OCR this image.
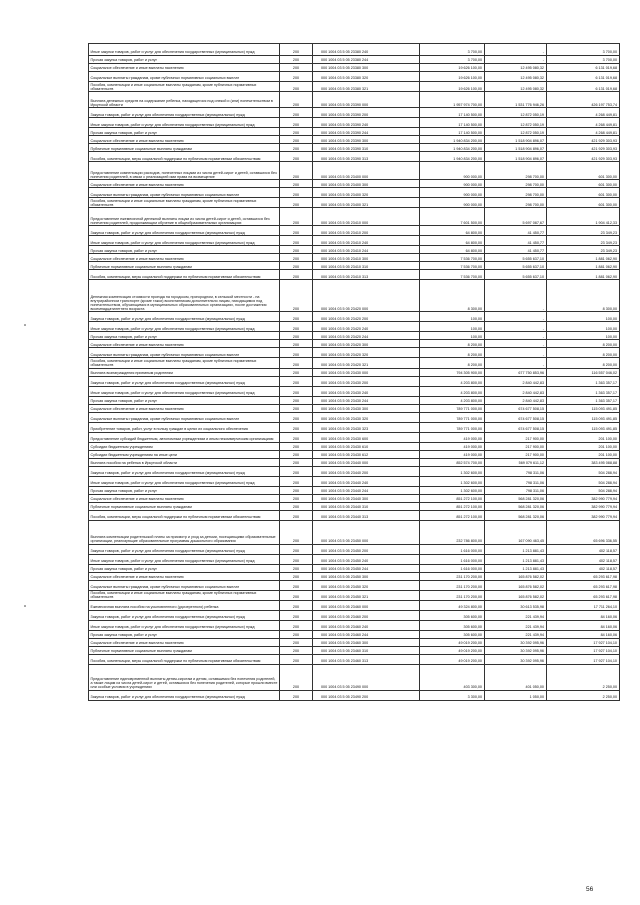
Иные закупки товаров, работ и услуг для обеспечения государственных (муниципальных) нужд	200	000 1004 03 5 05 23380 240	3 700,00	-	3 700,00
Прочая закупка товаров, работ и услуг	200	000 1004 03 5 05 23380 244	3 700,00	-	3 700,00
Социальное обеспечение и иные выплаты населению	200	000 1004 03 5 05 23380 300	19 626 100,00	12 495 080,32	6 131 019,68
Социальные выплаты гражданам, кроме публичных нормативных социальных выплат	200	000 1004 03 5 05 23380 320	19 626 100,00	12 495 080,32	6 131 019,68
Пособия, компенсации и иные социальные выплаты гражданам, кроме публичных нормативных обязательств	200	000 1004 03 5 05 23380 321	19 626 100,00	12 495 080,32	6 131 019,68
Выплата денежных средств на содержание ребенка, находящегося под опекой и (или) попечительством в Иркутской области	200	000 1004 03 5 05 23390 000	1 957 974 700,00	1 531 776 946,26	426 197 753,74
Закупка товаров, работ и услуг для обеспечения государственных (муниципальных) нужд	200	000 1004 03 5 05 23390 200	17 140 500,00	12 872 050,19	4 268 449,81
Иные закупки товаров, работ и услуг для обеспечения государственных (муниципальных) нужд	200	000 1004 03 5 05 23390 240	17 140 500,00	12 872 050,19	4 268 449,81
Прочая закупка товаров, работ и услуг	200	000 1004 03 5 05 23390 244	17 140 500,00	12 872 050,19	4 268 449,81
Социальное обеспечение и иные выплаты населению	200	000 1004 03 5 05 23390 300	1 940 834 200,00	1 518 904 896,07	421 929 303,93
Публичные нормативные социальные выплаты гражданам	200	000 1004 03 5 05 23390 310	1 940 834 200,00	1 518 904 896,07	421 929 303,93
Пособия, компенсации, меры социальной поддержки по публичным нормативным обязательствам	200	000 1004 03 5 05 23390 313	1 940 834 200,00	1 518 904 896,07	421 929 303,93
Предоставление компенсации расходов, понесенных лицами из числа детей-сирот и детей, оставшихся без попечения родителей, в связи с реализацией ими права на возмещение	200	000 1004 03 5 05 23400 000	900 000,00	298 700,00	601 300,00
Социальное обеспечение и иные выплаты населению	200	000 1004 03 5 05 23400 300	900 000,00	298 700,00	601 300,00
Социальные выплаты гражданам, кроме публичных нормативных социальных выплат	200	000 1004 03 5 05 23400 320	900 000,00	298 700,00	601 300,00
Пособия, компенсации и иные социальные выплаты гражданам, кроме публичных нормативных обязательств	200	000 1004 03 5 05 23400 321	900 000,00	298 700,00	601 300,00
Предоставление ежемесячной денежной выплаты лицам из числа детей-сирот и детей, оставшихся без попечения родителей, продолжающим обучение в общеобразовательных организациях	200	000 1004 03 5 05 23410 000	7 601 500,00	5 697 087,67	1 904 412,33
Закупка товаров, работ и услуг для обеспечения государственных (муниципальных) нужд	200	000 1004 03 5 05 23410 200	64 800,00	41 450,77	23 349,23
Иные закупки товаров, работ и услуг для обеспечения государственных (муниципальных) нужд	200	000 1004 03 5 05 23410 240	64 800,00	41 450,77	23 349,23
Прочая закупка товаров, работ и услуг	200	000 1004 03 5 05 23410 244	64 800,00	41 450,77	23 349,23
Социальное обеспечение и иные выплаты населению	200	000 1004 03 5 05 23410 300	7 536 700,00	5 655 637,10	1 881 062,90
Публичные нормативные социальные выплаты гражданам	200	000 1004 03 5 05 23410 310	7 536 700,00	5 655 637,10	1 881 062,90
Пособия, компенсации, меры социальной поддержки по публичным нормативным обязательствам	200	000 1004 03 5 05 23410 313	7 536 700,00	5 655 637,10	1 881 062,90
Денежная компенсация стоимости проезда на городском, пригородном, в сельской местности - на внутрирайонном транспорте (кроме такси) воспитанникам дополнительно лицам, находящимся под попечительством, обучающимся в муниципальных образовательных организациях, после достижения восемнадцатилетнего возраста	200	000 1004 03 5 05 23420 000	8 300,00	-	8 300,00
Закупка товаров, работ и услуг для обеспечения государственных (муниципальных) нужд	200	000 1004 03 5 05 23420 200	100,00	-	100,00
Иные закупки товаров, работ и услуг для обеспечения государственных (муниципальных) нужд	200	000 1004 03 5 05 23420 240	100,00	-	100,00
Прочая закупка товаров, работ и услуг	200	000 1004 03 5 05 23420 244	100,00	-	100,00
Социальное обеспечение и иные выплаты населению	200	000 1004 03 5 05 23420 300	8 200,00	-	8 200,00
Социальные выплаты гражданам, кроме публичных нормативных социальных выплат	200	000 1004 03 5 05 23420 320	8 200,00	-	8 200,00
Пособия, компенсации и иные социальные выплаты гражданам, кроме публичных нормативных обязательств	200	000 1004 03 5 05 23420 321	8 200,00	-	8 200,00
Выплата вознаграждения приемным родителям	200	000 1004 03 5 05 23430 000	794 305 900,00	677 750 853,96	116 557 046,02
Закупка товаров, работ и услуг для обеспечения государственных (муниципальных) нужд	200	000 1004 03 5 05 23430 200	4 203 800,00	2 840 442,83	1 363 357,17
Иные закупки товаров, работ и услуг для обеспечения государственных (муниципальных) нужд	200	000 1004 03 5 05 23430 240	4 203 800,00	2 840 442,83	1 363 357,17
Прочая закупка товаров, работ и услуг	200	000 1004 03 5 05 23430 244	4 203 800,00	2 840 442,83	1 363 357,17
Социальное обеспечение и иные выплаты населению	200	000 1004 03 5 05 23430 300	789 771 000,00	674 677 508,15	115 093 491,85
Социальные выплаты гражданам, кроме публичных нормативных социальных выплат	200	000 1004 03 5 05 23430 320	789 771 000,00	674 677 508,15	115 093 491,85
Приобретение товаров, работ, услуг в пользу граждан в целях их социального обеспечения	200	000 1004 03 5 05 23430 323	789 771 000,00	674 677 508,15	115 093 491,85
Предоставление субсидий бюджетным, автономным учреждениям и иным некоммерческим организациям	200	000 1004 03 5 05 23430 600	419 000,00	217 900,00	201 100,00
Субсидии бюджетным учреждениям	200	000 1004 03 5 05 23430 610	419 000,00	217 900,00	201 100,00
Субсидии бюджетным учреждениям на иные цели	200	000 1004 03 5 05 23430 612	419 000,00	217 900,00	201 100,00
Выплата пособия на ребенка в Иркутской области	200	000 1004 03 5 05 23440 000	852 574 700,00	569 079 611,12	383 495 088,88
Закупка товаров, работ и услуг для обеспечения государственных (муниципальных) нужд	200	000 1004 03 5 05 23440 200	1 302 600,00	798 311,06	504 288,94
Иные закупки товаров, работ и услуг для обеспечения государственных (муниципальных) нужд	200	000 1004 03 5 05 23440 240	1 302 600,00	798 311,06	504 288,94
Прочая закупка товаров, работ и услуг	200	000 1004 03 5 05 23440 244	1 302 600,00	798 311,06	504 288,94
Социальное обеспечение и иные выплаты населению	200	000 1004 03 5 05 23440 300	851 272 100,00	568 281 320,06	382 990 779,94
Публичные нормативные социальные выплаты гражданам	200	000 1004 03 5 05 23440 310	851 272 100,00	568 281 320,06	382 990 779,94
Пособия, компенсации, меры социальной поддержки по публичным нормативным обязательствам	200	000 1004 03 5 05 23440 313	851 272 100,00	568 281 320,06	382 990 779,94
Выплата компенсации родительской платы за присмотр и уход за детьми, посещающими образовательные организации, реализующие образовательные программы дошкольного образования	200	000 1004 03 5 05 23450 000	232 786 800,00	167 090 463,45	65 696 336,55
Закупка товаров, работ и услуг для обеспечения государственных (муниципальных) нужд	200	000 1004 03 5 05 23450 200	1 616 000,00	1 213 881,43	402 118,57
Иные закупки товаров, работ и услуг для обеспечения государственных (муниципальных) нужд	200	000 1004 03 5 05 23450 240	1 616 000,00	1 213 881,43	402 118,57
Прочая закупка товаров, работ и услуг	200	000 1004 03 5 05 23450 244	1 616 000,00	1 213 881,43	402 118,57
Социальное обеспечение и иные выплаты населению	200	000 1004 03 5 05 23450 300	231 170 200,00	165 876 582,02	65 293 617,98
Социальные выплаты гражданам, кроме публичных нормативных социальных выплат	200	000 1004 03 5 05 23450 320	231 170 200,00	165 876 582,02	65 293 617,98
Пособия, компенсации и иные социальные выплаты гражданам, кроме публичных нормативных обязательств	200	000 1004 03 5 05 23450 321	231 170 200,00	165 876 582,02	65 293 617,98
Ежемесячная выплата пособия на усыновленного (удочеренного) ребенка	200	000 1004 03 5 05 23460 000	49 324 800,00	30 613 535,98	17 711 264,10
Закупка товаров, работ и услуг для обеспечения государственных (муниципальных) нужд	200	000 1004 03 5 05 23460 200	305 600,00	221 439,94	84 160,06
Иные закупки товаров, работ и услуг для обеспечения государственных (муниципальных) нужд	200	000 1004 03 5 05 23460 240	305 600,00	221 439,94	84 160,06
Прочая закупка товаров, работ и услуг	200	000 1004 03 5 05 23460 244	305 600,00	221 439,94	84 160,06
Социальное обеспечение и иные выплаты населению	200	000 1004 03 5 05 23460 300	49 019 200,00	30 392 095,96	17 927 104,10
Публичные нормативные социальные выплаты гражданам	200	000 1004 03 5 05 23460 310	49 019 200,00	30 392 095,96	17 927 104,10
Пособия, компенсации, меры социальной поддержки по публичным нормативным обязательствам	200	000 1004 03 5 05 23460 313	49 019 200,00	30 392 095,96	17 927 104,10
Предоставление единовременной выплаты детям-сиротам и детям, оставшимся без попечения родителей, а также лицам из числа детей-сирот и детей, оставшихся без попечения родителей, которые прошли вместе или особые условия в учреждениях	200	000 1004 03 5 05 23490 000	403 300,00	401 050,00	2 250,00
Закупка товаров, работ и услуг для обеспечения государственных (муниципальных) нужд	200	000 1004 03 5 05 23490 200	3 300,00	1 050,00	2 250,00
56
